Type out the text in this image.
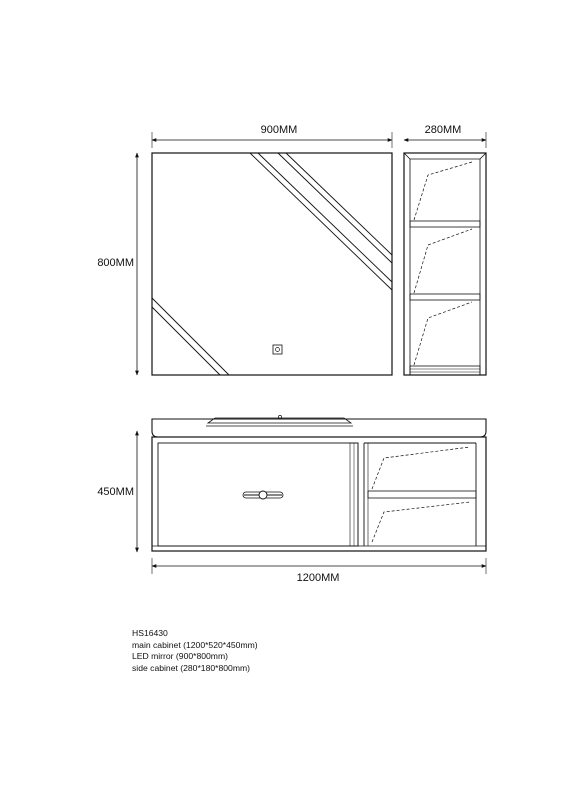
900MM	280MM
800MM
450MM
1200MM
HS16430
main cabinet (1200*520*450mm)
LED mirror (900*800mm)
side cabinet (280*180*800mm)
